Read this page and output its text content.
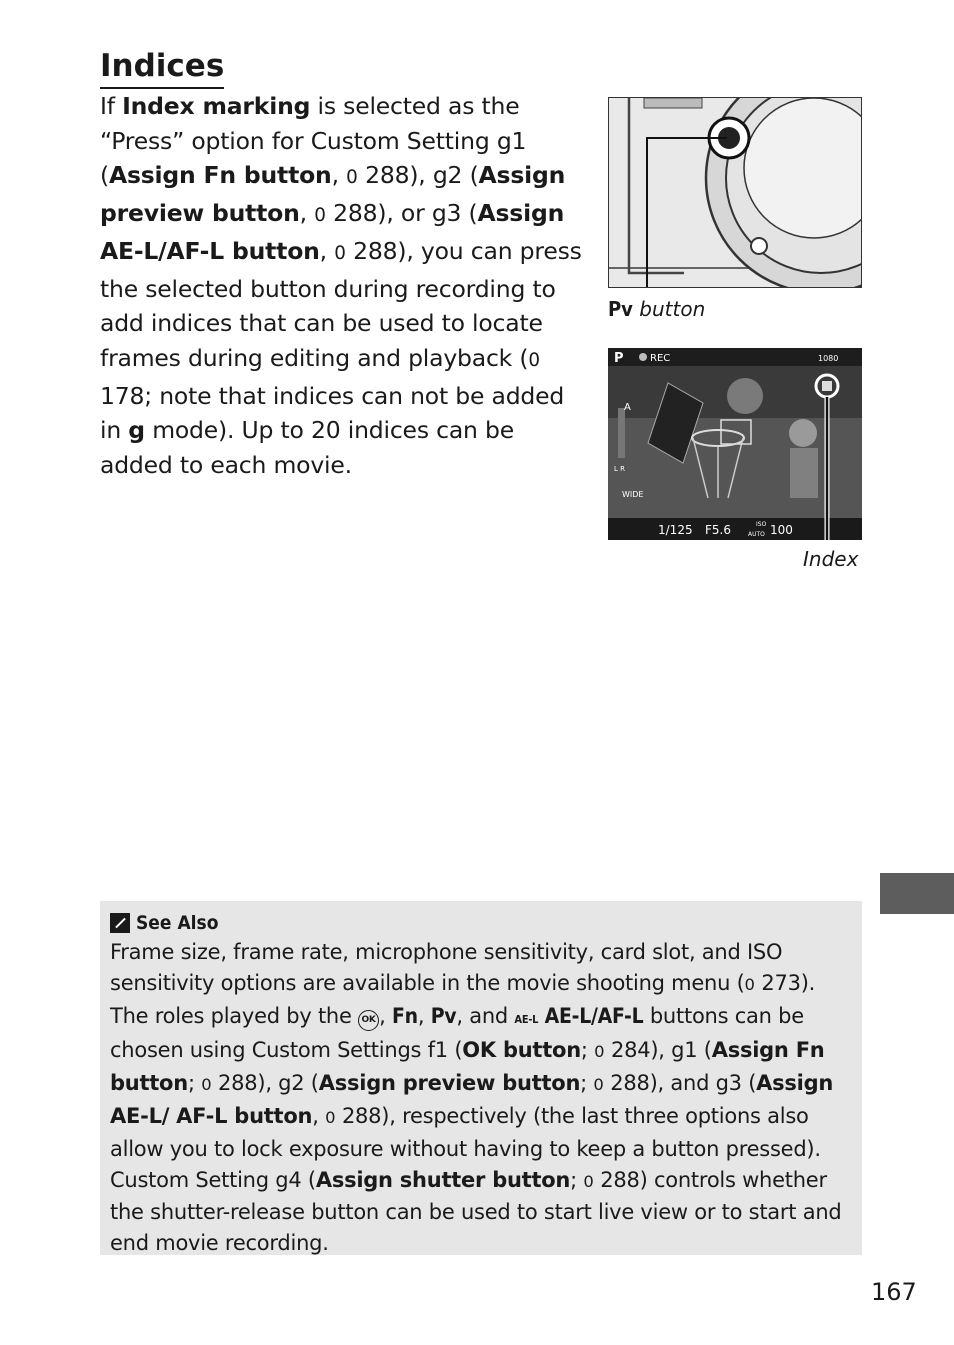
Indices
If Index marking is selected as the “Press” option for Custom Setting g1 (Assign Fn button, 0 288), g2 (Assign preview button, 0 288), or g3 (Assign AE-L/AF-L button, 0 288), you can press the selected button during recording to add indices that can be used to locate frames during editing and playback (0 178; note that indices can not be added in g mode). Up to 20 indices can be added to each movie.
Pv button
P	REC
A
L R
WIDE
1/125 F5.6	ISO
AUTO 100
1080
Index
See Also
Frame size, frame rate, microphone sensitivity, card slot, and ISO sensitivity options are available in the movie shooting menu (0 273). The roles played by the OK , Fn, Pv, and AE-L AE-L/AF-L buttons can be chosen using Custom Settings f1 (OK button; 0 284), g1 (Assign Fn button; 0 288), g2 (Assign preview button; 0 288), and g3 (Assign AE-L/ AF-L button, 0 288), respectively (the last three options also allow you to lock exposure without having to keep a button pressed). Custom Setting g4 (Assign shutter button; 0 288) controls whether the shutter-release button can be used to start live view or to start and end movie recording.
167
